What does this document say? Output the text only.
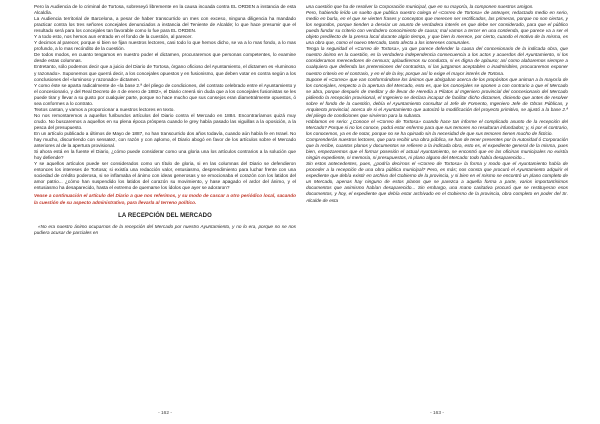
Pero la Audiencia de lo criminal de Tortosa, sobreseyó libremente en la causa incoada contra EL ORDEN a instancia de esta Alcaldía.

La Audiencia territorial de Barcelona, a pesar de haber transcurrido un mes con exceso, ninguna diligencia ha mandado practicar contra los tres señores concejales denunciados a instancia del Teniente de Alcalde; lo que hace presumir que el resultado será para los concejales tan favorable como lo fue para EL ORDEN.

Y a todo esto, nos hemos aun entrado en el fondo de la cuestión, al parecer.

Y decimos al parecer, porque si bien se fijan nuestros lectores, casi todo lo que hemos dicho, se va a lo mas fondo, a lo mas profundo, a lo mas recóndito de la cuestión.

De todos modos, en cuanto tengamos en nuestro poder el dictamen, procuraremos que personas competentes, lo examine desde estas columnas.

Entretanto, sólo podemos decir que a juicio del Diario de Tortosa, órgano oficioso del Ayuntamiento, el dictamen es «luminoso y razonado». Suponemos que querrá decir, a los concejales opuestos y en fusionismo, que deben votar en contra según a los conclusiones del «luminoso y razonado» dictamen.

Y como éste se aparta radicalmente de «la base 2.ª del pliego de condiciones, del contrato celebrado entre el Ayuntamiento y el concesionario, y del Real Decreto de 4 de enero de 1882», el Diario creerá sin duda que a los concejales fusionistas se les puede tirar y llevar a su gusto por cualquier parte, porque no hace mucho que sus consejos eran diametralmente opuestos, ó sea conformes a lo contrato.

Textos cantan, y vamos a proporcionar a nuestros lectores en texto.

No nos remontaremos a aquellos furibundos artículos del Diario contra el Mercado en 1884. Encontraríamos quizá muy crudo. No buscaremos a aquellos en su plena época próspera cuando le grey había pasado las viguillas a la oposición, a la pesca del presupuesto.

En un artículo publicado a últimos de Mayo de 1887, no han transcurrido dos años todavía, cuando aún había fe en Israel. No hay mucho, discurriendo con sensatez, con razón y con aplomo, el Diario abogó en favor de los artículos sobre el Mercado anteriores al de la apertura provisional.

Si ahora está en la fuente el Diario, ¿cómo puede considerar como una gloria una los artículos contrarios a la solución que hoy defiende?

Y se aquellos artículos puede ser considerados como un título de gloria, si en las columnas del Diario se defendieron entonces los intereses de Tortosa; si existía una redacción valor, entusiasmo, desprendimiento para luchar frente con una sociedad de crédito poderosa, si se inflamaba el ánimo con ideas generosas y se emocionaba el corazón con los latidos del amor patrio... ¿cómo han suspendido los latidos del corazón su movimiento, y hase apagado el ardor del ánimo, y el entusiasmo ha desaparecido, hasta el extremo de quemarse los ídolos que ayer se adoraron?

Vease a continuación el artículo del Diario a que nos referimos, y su modo de cascar a otro periódico local, sacando la cuestión de su aspecto administrativo, para llevarla al terreno político.

LA RECEPCIÓN DEL MERCADO

«No era nuestro ánimo ocuparnos de la recepción del Mercado por nuestro Ayuntamiento, y no lo era, porque no se nos pudiera acusar de parciales en

una cuestión que ha de resolver la Corporación municipal, que en su mayoría, la componen nuestros amigos.

Pero, habiendo leído un suelto que publica nuestro colega el «Correo de Tortosa» de anteayer, redactado medio en serio, medio en burla, en el que se vierten frases y conceptos que merecen ser rectificados, las primeras, porque no son ciertas, y los segundos, porque tienden a desviar un asunto de verdadera interés en que debe ser considerado, para que el público pueda fundar su criterio con verdadero conocimiento de causa; mal vamos a tercer en una contienda, que parece va a ser el objeto predilecto de la prensa local durante algún tiempo, y que bien lo merece, por cierto, cuando el motivo de la misma, es una obra que, como el nuevo Mercado, tanto afecta a los intereses comunales.

Tenga la seguridad el «Correo de Tortosa», ya que parece defender la causa del concesionario de la indicada obra, que nuestro ánimo en la cuestión, es la verdadera independencia consecuencia a los actos y acuerdos del Ayuntamiento, si los consideramos merecedores de censura; aplaudiremos su conducta, si es digna de aplauso; así como alabaremos siempre a cualquiera que defienda las pretensiones del contratista, si las juzgamos aceptables o inadmisibles, procuraremos exponer nuestro criterio en el contrario, y en el de la ley, porque así lo exige el mayor interés de Tortosa.

Supone el «Correo» que van conformándose los ánimos que abrigaban acerca de los propósitos que animan a la mayoría de los concejales, respecto a la apertura del Mercado, esto es, que los concejales se oponen a con contrario a que el Mercado se abra, porque después de meditar y de llevar de Heredia a Pilatos al Ingeniero provincial del concesionario del Mercado pidiendo la recepción provisional, el Ingeniero se declara incapaz de facilitar dicho dictamen, diciendo que antes de resolver sobre el fondo de la cuestión, debía el Ayuntamiento consultar al Jefe de Fomento, Ingeniero Jefe de Obras Públicas, y Arquitecto provincial, acerca de si el Ayuntamiento que autorizó la modificación del proyecto primitivo, se ajustó a la base 2.ª del pliego de condiciones que sirvieron para la subasta.

Hablamos en serio: ¿Conoce el «Correo de Tortosa» cuando hace tan informe el complicado asunto de la recepción del Mercado? Porque si no los conoce, podrá estar enfermo para que sus temores no resultaran infundados; y, si por el contrario, los conocemos, ya es de notar, porque no se ha opinado sin la necesidad de que sus temores tienen mucho de ficticio.

Comprenderán nuestros lectores, que para recibir una obra pública, se han de tener presentes por la Autoridad ó Corporación que la recibe, cuantos planos y documentos se refieren a la indicada obra, esto es, el expediente general de la misma, pues bien, empezaremos que el formar posesión el actual Ayuntamiento, se encontró que en las oficinas municipales no existía ningún expediente, ni memoria, ni presupuestos, ni plano alguno del Mercado: todo había desaparecido...

Sin estos antecedentes, pues, ¿podría decirnos el «Correo de Tortosa» la forma y modo que el Ayuntamiento había de proceder a la recepción de una obra pública municipal? Pero, es más; nos consta que procuró el Ayuntamiento adquirir el expediente que debía existir en archivo del Gobierno de la provincia, y si bien en el mismo se encontró un plano completo de un Mercado, apenas hay ninguno de estos planos que se parezca a aquella forma a parte, varios importantísimos documentos que asimismo habían desaparecido... Sin embargo, una mano caritativa procuró que se restituyeran esos documentos, y hoy, el expediente que debía estar archivado en el Gobierno de la provincia, obra completo en poder del Sr. Alcalde de esta

- 162 -	- 163 -
